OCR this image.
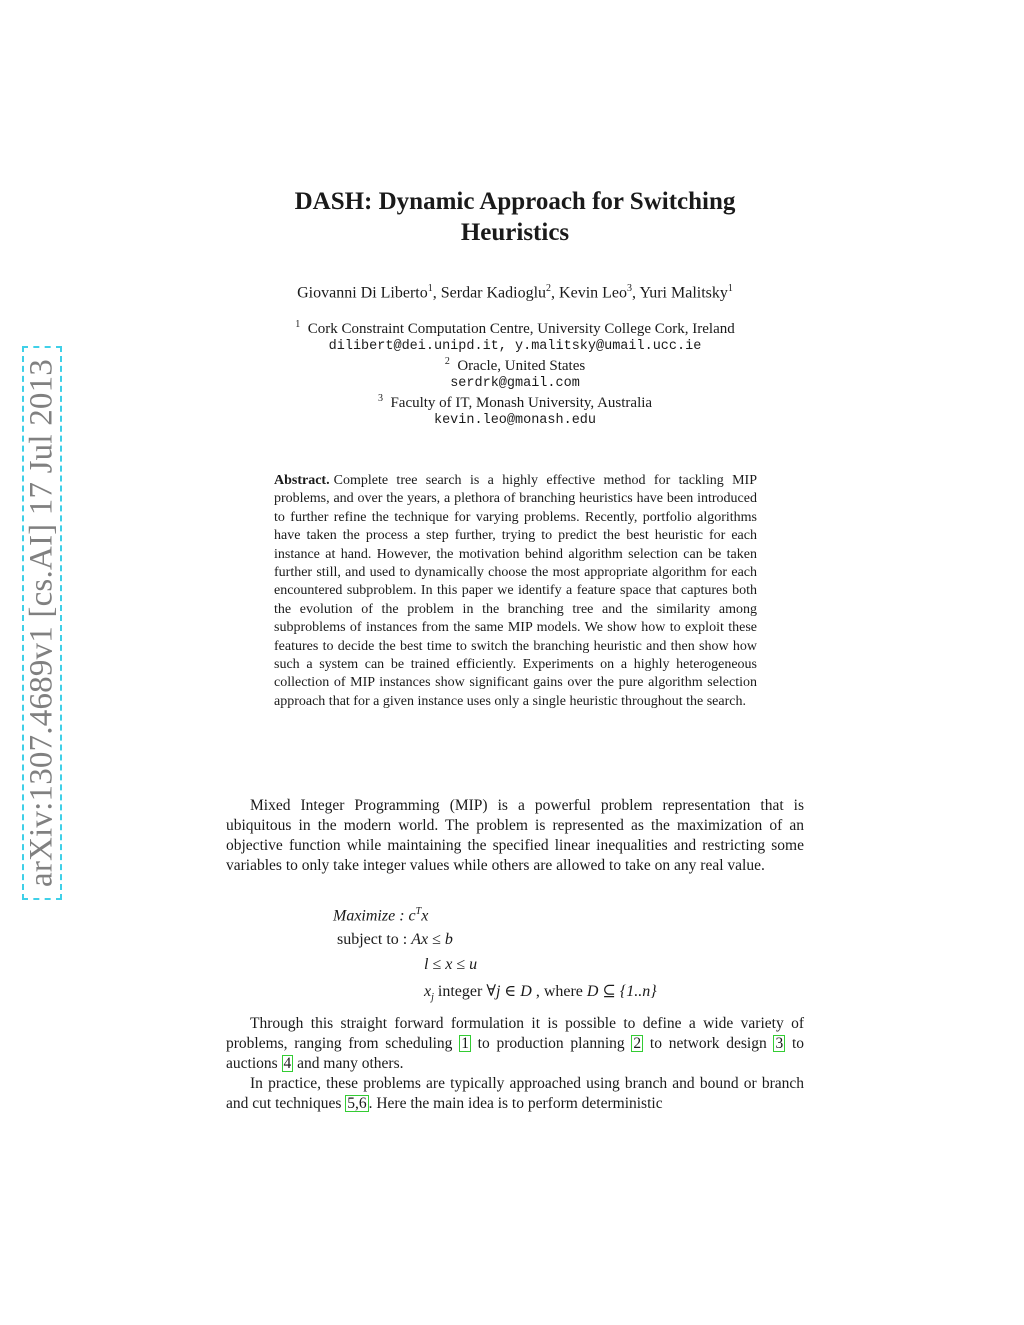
arXiv:1307.4689v1 [cs.AI] 17 Jul 2013
DASH: Dynamic Approach for Switching
Heuristics
Giovanni Di Liberto$^1$, Serdar Kadioglu$^2$, Kevin Leo$^3$, Yuri Malitsky$^1$
$^1$ Cork Constraint Computation Centre, University College Cork, Ireland
dilibert@dei.unipd.it, y.malitsky@umail.ucc.ie
$^2$ Oracle, United States
serdrk@gmail.com
$^3$ Faculty of IT, Monash University, Australia
kevin.leo@monash.edu
Abstract. Complete tree search is a highly effective method for tackling MIP problems, and over the years, a plethora of branching heuristics have been introduced to further refine the technique for varying problems. Recently, portfolio algorithms have taken the process a step further, trying to predict the best heuristic for each instance at hand. However, the motivation behind algorithm selection can be taken further still, and used to dynamically choose the most appropriate algorithm for each encountered subproblem. In this paper we identify a feature space that captures both the evolution of the problem in the branching tree and the similarity among subproblems of instances from the same MIP models. We show how to exploit these features to decide the best time to switch the branching heuristic and then show how such a system can be trained efficiently. Experiments on a highly heterogeneous collection of MIP instances show significant gains over the pure algorithm selection approach that for a given instance uses only a single heuristic throughout the search.
Mixed Integer Programming (MIP) is a powerful problem representation that is ubiquitous in the modern world. The problem is represented as the maximization of an objective function while maintaining the specified linear inequalities and restricting some variables to only take integer values while others are allowed to take on any real value.
Maximize : $c^Tx$
subject to : Ax ≤ b
l ≤ x ≤ u
$x_j$ integer ∀j ∈ D , where D ⊆ {1..n}
Through this straight forward formulation it is possible to define a wide variety of problems, ranging from scheduling 1 to production planning 2 to network design 3 to auctions 4 and many others.
In practice, these problems are typically approached using branch and bound or branch and cut techniques 5,6 . Here the main idea is to perform deterministic
